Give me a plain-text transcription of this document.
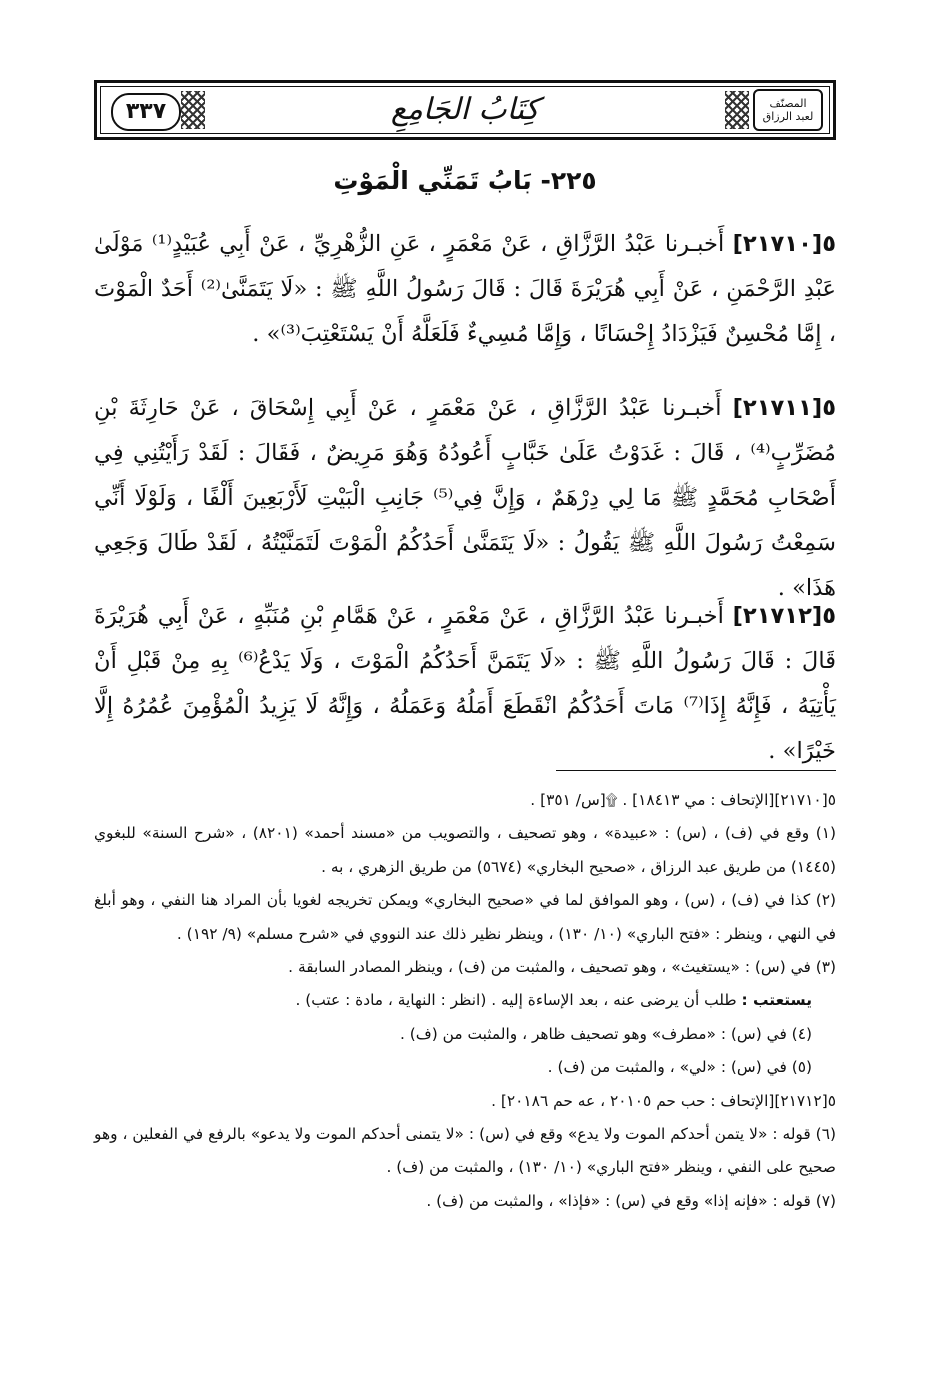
٣٣٧	كِتَابُ الجَامِعِ	المصنّف
لعبد الرزاق
٢٢٥- بَابُ تَمَنِّي الْمَوْتِ
٥[٢١٧١٠] أَخبـرنا عَبْدُ الرَّزَّاقِ ، عَنْ مَعْمَرٍ ، عَنِ الزُّهْرِيِّ ، عَنْ أَبِي عُبَيْدٍ⁽¹⁾ مَوْلَىٰ عَبْدِ الرَّحْمَنِ ، عَنْ أَبِي هُرَيْرَةَ قَالَ : قَالَ رَسُولُ اللَّهِ ﷺ : «لَا يَتَمَنَّىٰ⁽²⁾ أَحَدٌ الْمَوْتَ ، إِمَّا مُحْسِنٌ فَيَزْدَادُ إِحْسَانًا ، وَإِمَّا مُسِيءٌ فَلَعَلَّهُ أَنْ يَسْتَعْتِبَ⁽³⁾» .
٥[٢١٧١١] أَخبـرنا عَبْدُ الرَّزَّاقِ ، عَنْ مَعْمَرٍ ، عَنْ أَبِي إِسْحَاقَ ، عَنْ حَارِثَةَ بْنِ مُضَرِّبٍ⁽⁴⁾ ، قَالَ : غَدَوْتُ عَلَىٰ خَبَّابٍ أَعُودُهُ وَهُوَ مَرِيضٌ ، فَقَالَ : لَقَدْ رَأَيْتُنِي فِي أَصْحَابِ مُحَمَّدٍ ﷺ مَا لِي دِرْهَمٌ ، وَإِنَّ فِي⁽⁵⁾ جَانِبِ الْبَيْتِ لَأَرْبَعِينَ أَلْفًا ، وَلَوْلَا أَنِّي سَمِعْتُ رَسُولَ اللَّهِ ﷺ يَقُولُ : «لَا يَتَمَنَّىٰ أَحَدُكُمُ الْمَوْتَ لَتَمَنَّيْتُهُ ، لَقَدْ طَالَ وَجَعِي هَذَا» .
٥[٢١٧١٢] أَخبـرنا عَبْدُ الرَّزَّاقِ ، عَنْ مَعْمَرٍ ، عَنْ هَمَّامِ بْنِ مُنَبِّهٍ ، عَنْ أَبِي هُرَيْرَةَ قَالَ : قَالَ رَسُولُ اللَّهِ ﷺ : «لَا يَتَمَنَّ أَحَدُكُمُ الْمَوْتَ ، وَلَا يَدْعُ⁽⁶⁾ بِهِ مِنْ قَبْلِ أَنْ يَأْتِيَهُ ، فَإِنَّهُ إِذَا⁽⁷⁾ مَاتَ أَحَدُكُمُ انْقَطَعَ أَمَلُهُ وَعَمَلُهُ ، وَإِنَّهُ لَا يَزِيدُ الْمُؤْمِنَ عُمُرُهُ إِلَّا خَيْرًا» .

٥[٢١٧١٠][الإتحاف : مي ١٨٤١٣] . ۩[س/ ٣٥١] .

(١) وقع في (ف) ، (س) : «عبيدة» ، وهو تصحيف ، والتصويب من «مسند أحمد» (٨٢٠١) ، «شرح السنة» للبغوي (١٤٤٥) من طريق عبد الرزاق ، «صحيح البخاري» (٥٦٧٤) من طريق الزهري ، به .

(٢) كذا في (ف) ، (س) ، وهو الموافق لما في «صحيح البخاري» ويمكن تخريجه لغويا بأن المراد هنا النفي ، وهو أبلغ في النهي ، وينظر : «فتح الباري» (١٠/ ١٣٠) ، وينظر نظير ذلك عند النووي في «شرح مسلم» (٩/ ١٩٢) .

(٣) في (س) : «يستغيث» ، وهو تصحيف ، والمثبت من (ف) ، وينظر المصادر السابقة .

يستعتب : طلب أن يرضى عنه ، بعد الإساءة إليه . (انظر : النهاية ، مادة : عتب) .

(٤) في (س) : «مطرف» وهو تصحيف ظاهر ، والمثبت من (ف) .

(٥) في (س) : «لي» ، والمثبت من (ف) .

٥[٢١٧١٢][الإتحاف : حب حم ٢٠١٠٥ ، عه حم ٢٠١٨٦] .

(٦) قوله : «لا يتمن أحدكم الموت ولا يدع» وقع في (س) : «لا يتمنى أحدكم الموت ولا يدعو» بالرفع في الفعلين ، وهو صحيح على النفي ، وينظر «فتح الباري» (١٠/ ١٣٠) ، والمثبت من (ف) .

(٧) قوله : «فإنه إذا» وقع في (س) : «فإذا» ، والمثبت من (ف) .
